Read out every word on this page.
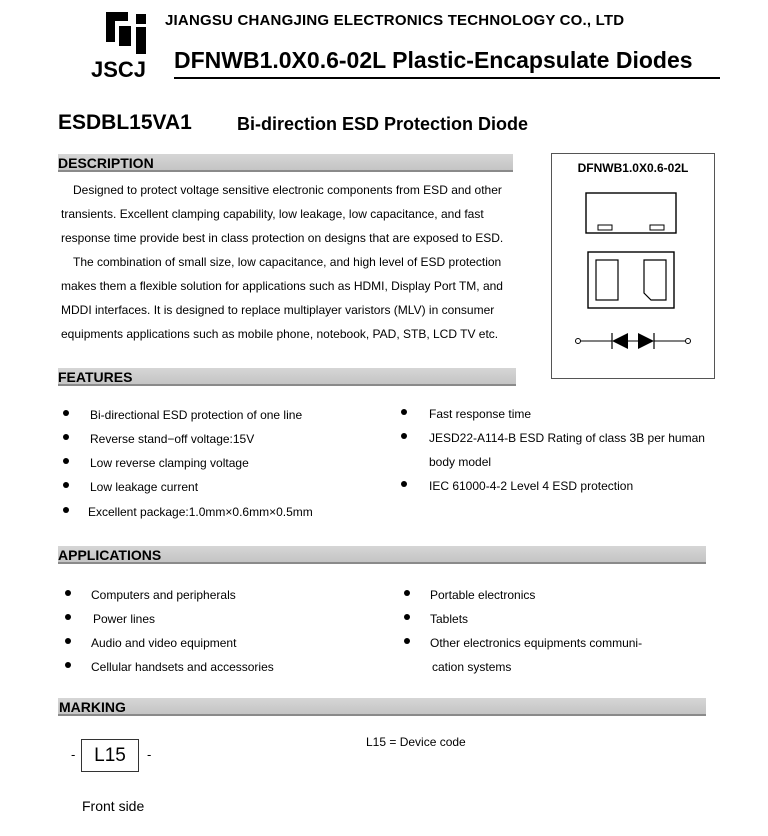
JSCJ
JIANGSU CHANGJING ELECTRONICS TECHNOLOGY CO., LTD
DFNWB1.0X0.6-02L Plastic-Encapsulate Diodes
ESDBL15VA1	Bi-direction ESD Protection Diode
DESCRIPTION
Designed to protect voltage sensitive electronic components from ESD and other
transients. Excellent clamping capability, low leakage, low capacitance, and fast
response time provide best in class protection on designs that are exposed to ESD.
The combination of small size, low capacitance, and high level of ESD protection
makes them a flexible solution for applications such as HDMI, Display Port TM, and
MDDI interfaces. It is designed to replace multiplayer varistors (MLV) in consumer
equipments applications such as mobile phone, notebook, PAD, STB, LCD TV etc.
DFNWB1.0X0.6-02L
FEATURES
Bi-directional ESD protection of one line
Reverse stand−off voltage:15V
Low reverse clamping voltage
Low leakage current
Excellent package:1.0mm×0.6mm×0.5mm
Fast response time
JESD22-A114-B ESD Rating of class 3B per human
body model
IEC 61000-4-2 Level 4 ESD protection
APPLICATIONS
Computers and peripherals
Power lines
Audio and video equipment
Cellular handsets and accessories
Portable electronics
Tablets
Other electronics equipments communi-
cation systems
MARKING
- L15	-
L15 = Device code
Front side
